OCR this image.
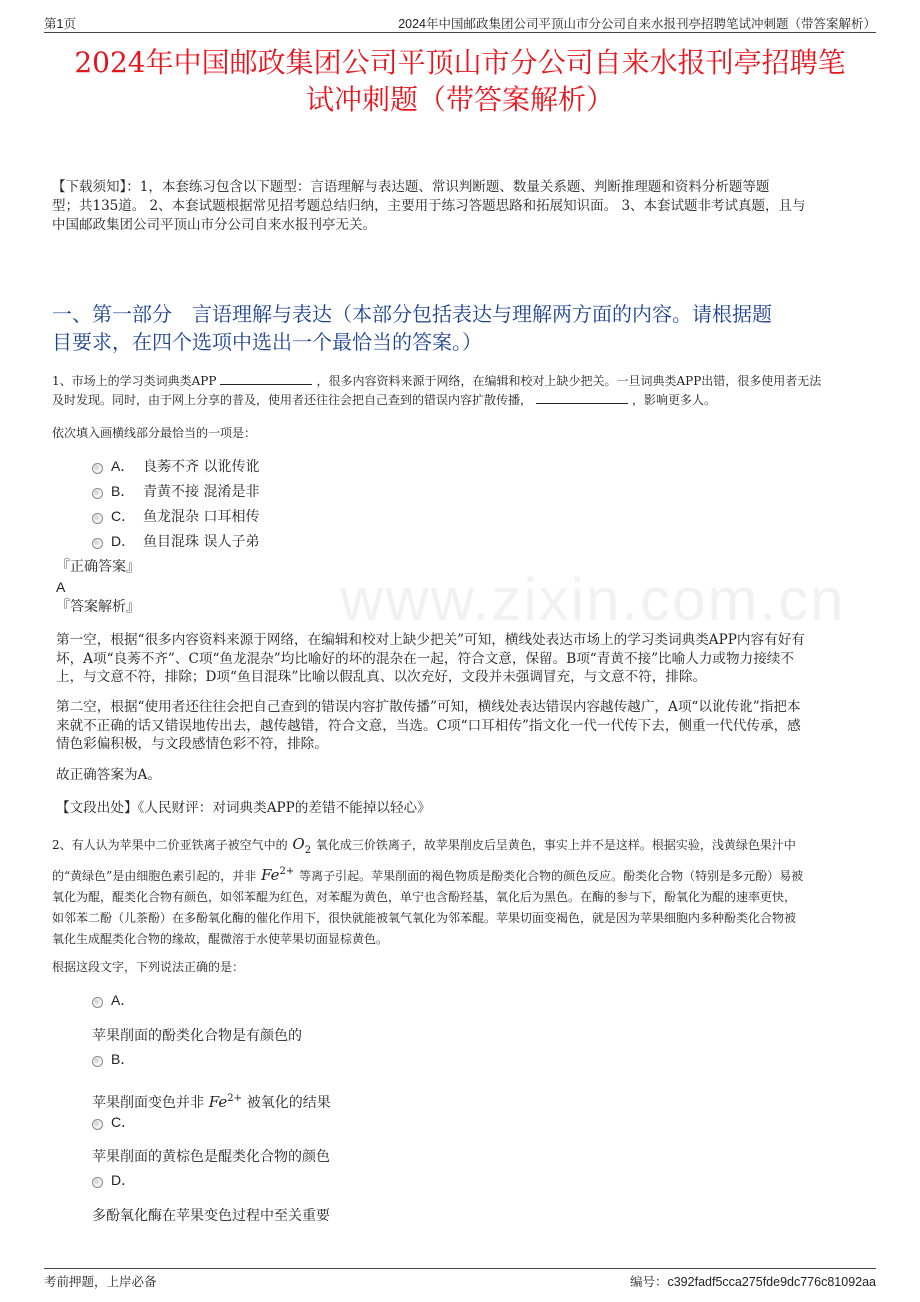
第1页	2024年中国邮政集团公司平顶山市分公司自来水报刊亭招聘笔试冲刺题（带答案解析）
www.zixin.com.cn
2024年中国邮政集团公司平顶山市分公司自来水报刊亭招聘笔
试冲刺题（带答案解析）
【下载须知】：1，本套练习包含以下题型：言语理解与表达题、常识判断题、数量关系题、判断推理题和资料分析题等题
型；共135道。 2、本套试题根据常见招考题总结归纳，主要用于练习答题思路和拓展知识面。 3、本套试题非考试真题，且与
中国邮政集团公司平顶山市分公司自来水报刊亭无关。
一、第一部分 言语理解与表达（本部分包括表达与理解两方面的内容。请根据题
目要求，在四个选项中选出一个最恰当的答案。）
1、市场上的学习类词典类APP	，很多内容资料来源于网络，在编辑和校对上缺少把关。一旦词典类APP出错，很多使用者无法
及时发现。同时，由于网上分享的普及，使用者还往往会把自己查到的错误内容扩散传播，	，影响更多人。
依次填入画横线部分最恰当的一项是：
A． 良莠不齐 以讹传讹
B． 青黄不接 混淆是非
C． 鱼龙混杂 口耳相传
D． 鱼目混珠 误人子弟
『正确答案』
A
『答案解析』
第一空，根据“很多内容资料来源于网络，在编辑和校对上缺少把关”可知，横线处表达市场上的学习类词典类APP内容有好有
坏，A项“良莠不齐”、C项“鱼龙混杂”均比喻好的坏的混杂在一起，符合文意，保留。B项“青黄不接”比喻人力或物力接续不
上，与文意不符，排除；D项“鱼目混珠”比喻以假乱真、以次充好，文段并未强调冒充，与文意不符，排除。
第二空，根据“使用者还往往会把自己查到的错误内容扩散传播”可知，横线处表达错误内容越传越广，A项“以讹传讹”指把本
来就不正确的话又错误地传出去，越传越错，符合文意，当选。C项“口耳相传”指文化一代一代传下去，侧重一代代传承，感
情色彩偏积极，与文段感情色彩不符，排除。
故正确答案为A。
【文段出处】《人民财评：对词典类APP的差错不能掉以轻心》
2、有人认为苹果中二价亚铁离子被空气中的 $O_2$ 氧化成三价铁离子，故苹果削皮后呈黄色，事实上并不是这样。根据实验，浅黄绿色果汁中
的“黄绿色”是由细胞色素引起的，并非 $Fe^{2+}$ 等离子引起。苹果削面的褐色物质是酚类化合物的颜色反应。酚类化合物（特别是多元酚）易被
氧化为醌，醌类化合物有颜色，如邻苯醌为红色，对苯醌为黄色，单宁也含酚羟基，氧化后为黑色。在酶的参与下，酚氧化为醌的速率更快，
如邻苯二酚（儿茶酚）在多酚氧化酶的催化作用下，很快就能被氧气氧化为邻苯醌。苹果切面变褐色，就是因为苹果细胞内多种酚类化合物被
氧化生成醌类化合物的缘故，醌微溶于水使苹果切面显棕黄色。
根据这段文字，下列说法正确的是：
A．
苹果削面的酚类化合物是有颜色的
B．
苹果削面变色并非 $Fe^{2+}$ 被氧化的结果
C．
苹果削面的黄棕色是醌类化合物的颜色
D．
多酚氧化酶在苹果变色过程中至关重要
考前押题，上岸必备	编号：c392fadf5cca275fde9dc776c81092aa
